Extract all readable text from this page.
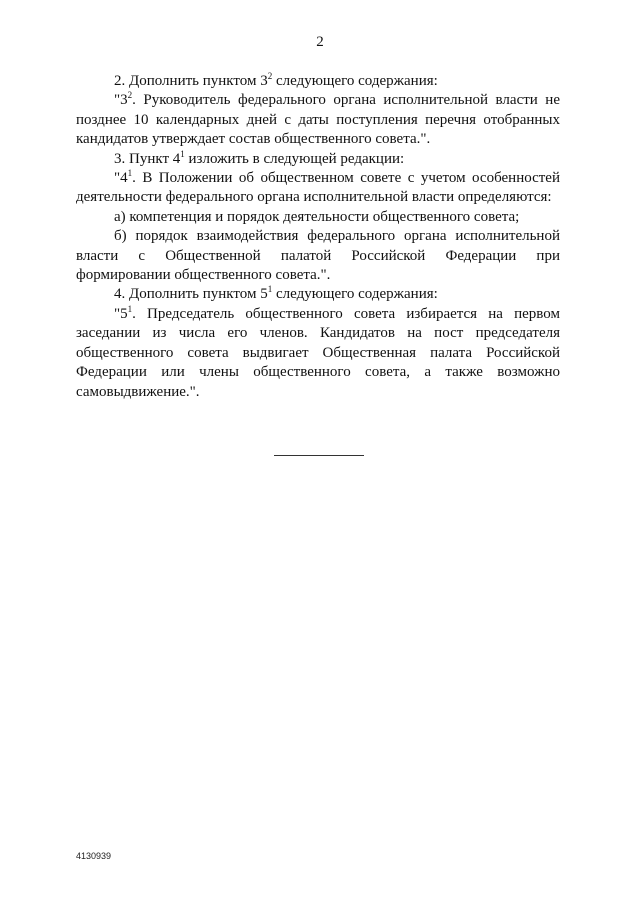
2

2. Дополнить пунктом $3^2$ следующего содержания:

"$3^2$. Руководитель федерального органа исполнительной власти не позднее 10 календарных дней с даты поступления перечня отобранных кандидатов утверждает состав общественного совета.".

3. Пункт $4^1$ изложить в следующей редакции:

"$4^1$. В Положении об общественном совете с учетом особенностей деятельности федерального органа исполнительной власти определяются:

а) компетенция и порядок деятельности общественного совета;

б) порядок взаимодействия федерального органа исполнительной власти с Общественной палатой Российской Федерации при формировании общественного совета.".

4. Дополнить пунктом $5^1$ следующего содержания:

"$5^1$. Председатель общественного совета избирается на первом заседании из числа его членов. Кандидатов на пост председателя общественного совета выдвигает Общественная палата Российской Федерации или члены общественного совета, а также возможно самовыдвижение.".

4130939
